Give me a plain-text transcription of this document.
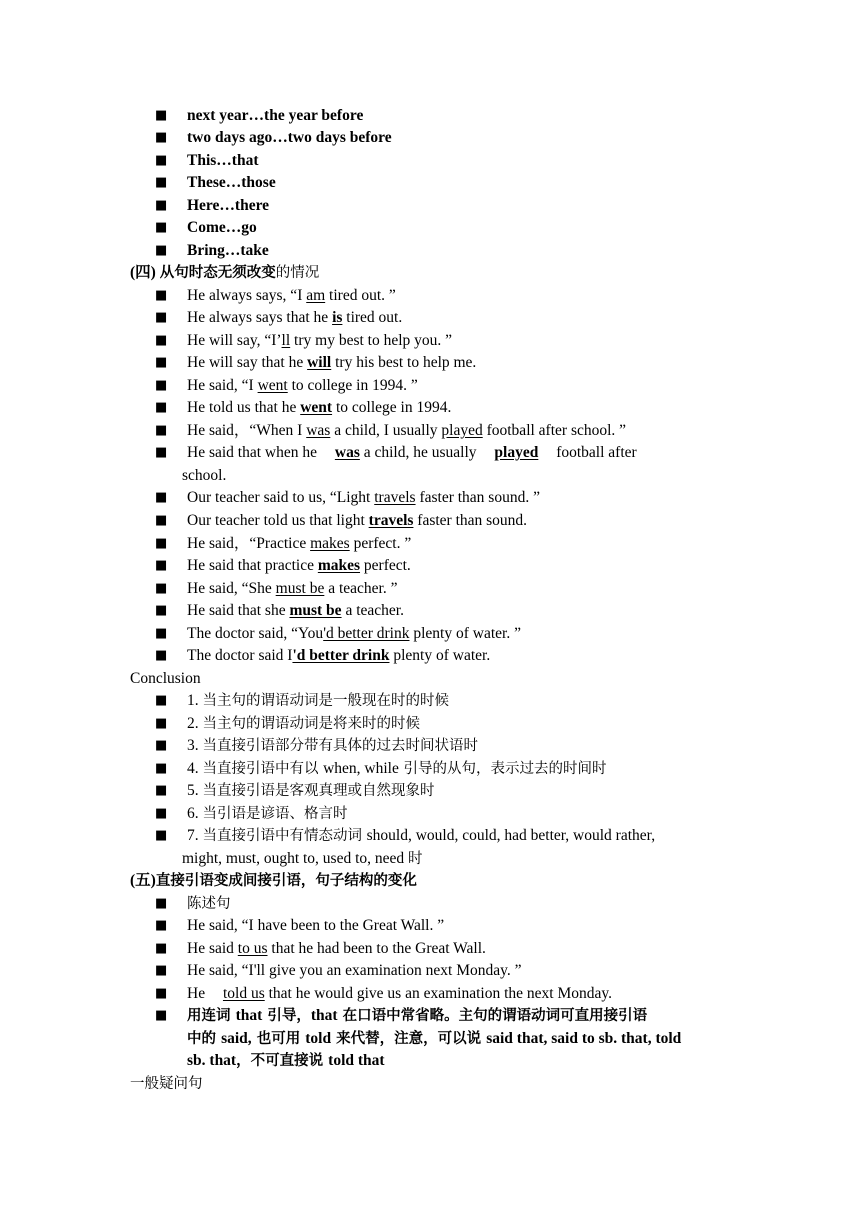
■ next year…the year before
■ two days ago…two days before
■ This…that
■ These…those
■ Here…there
■ Come…go
■ Bring…take
(四) 从句时态无须改变的情况
■ He always says, “I am tired out. ”
■ He always says that he is tired out.
■ He will say, “I’ll try my best to help you. ”
■ He will say that he will try his best to help me.
■ He said, “I went to college in 1994. ”
■ He told us that he went to college in 1994.
■ He said，“When I was a child, I usually played football after school. ”
■ He said that when he was a child, he usually played football after
school.
■ Our teacher said to us, “Light travels faster than sound. ”
■ Our teacher told us that light travels faster than sound.
■ He said，“Practice makes perfect. ”
■ He said that practice makes perfect.
■ He said, “She must be a teacher. ”
■ He said that she must be a teacher.
■ The doctor said, “You'd better drink plenty of water. ”
■ The doctor said I'd better drink plenty of water.
Conclusion
■ 1. 当主句的谓语动词是一般现在时的时候
■ 2. 当主句的谓语动词是将来时的时候
■ 3. 当直接引语部分带有具体的过去时间状语时
■ 4. 当直接引语中有以 when, while 引导的从句，表示过去的时间时
■ 5. 当直接引语是客观真理或自然现象时
■ 6. 当引语是谚语、格言时
■ 7. 当直接引语中有情态动词 should, would, could, had better, would rather,
might, must, ought to, used to, need 时
(五)直接引语变成间接引语，句子结构的变化
■ 陈述句
■ He said, “I have been to the Great Wall. ”
■ He said to us that he had been to the Great Wall.
■ He said, “I'll give you an examination next Monday. ”
■ He told us that he would give us an examination the next Monday.
■ 用连词 that 引导，that 在口语中常省略。主句的谓语动词可直用接引语
中的 said, 也可用 told 来代替，注意，可以说 said that, said to sb. that, told
sb. that，不可直接说 told that
一般疑问句
